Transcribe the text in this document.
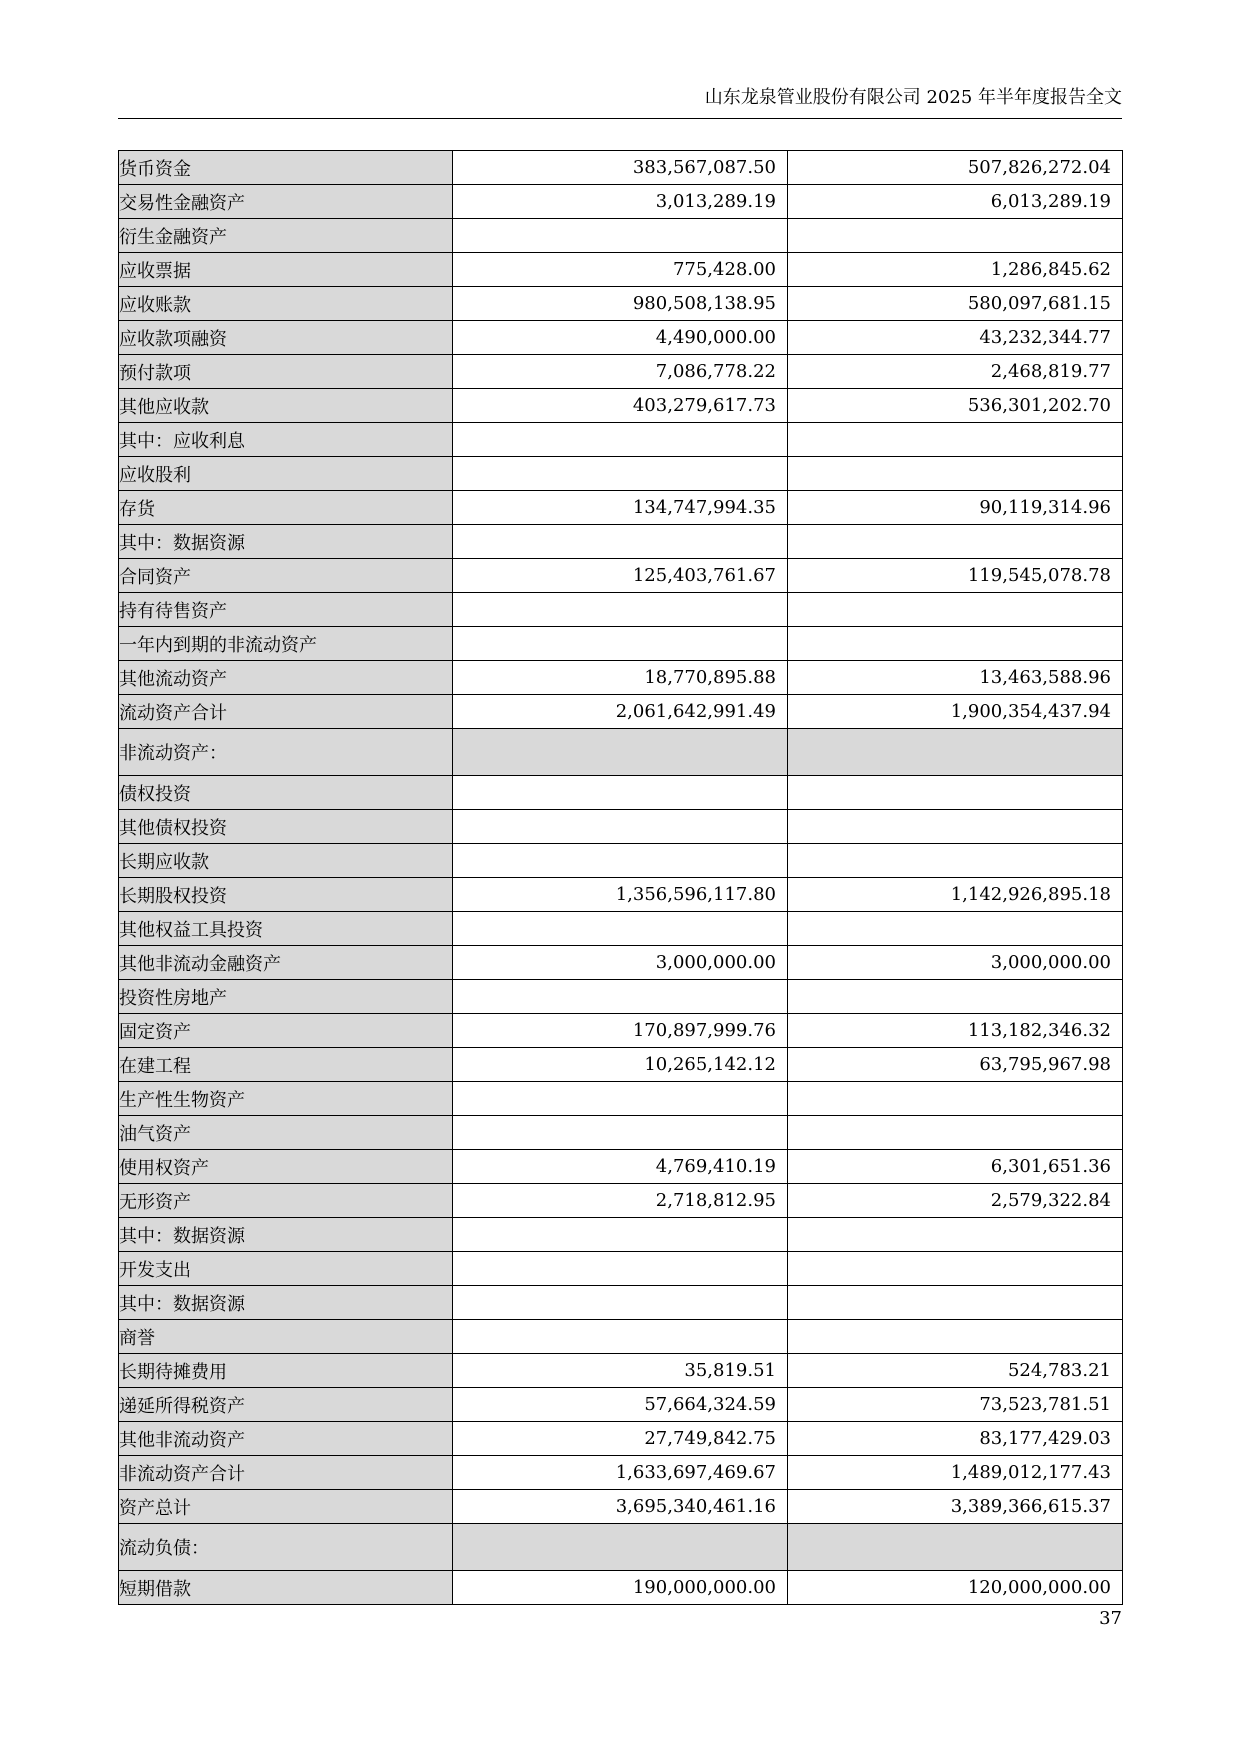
山东龙泉管业股份有限公司 2025 年半年度报告全文
货币资金	383,567,087.50	507,826,272.04
交易性金融资产	3,013,289.19	6,013,289.19
衍生金融资产		
应收票据	775,428.00	1,286,845.62
应收账款	980,508,138.95	580,097,681.15
应收款项融资	4,490,000.00	43,232,344.77
预付款项	7,086,778.22	2,468,819.77
其他应收款	403,279,617.73	536,301,202.70
其中：应收利息		
应收股利		
存货	134,747,994.35	90,119,314.96
其中：数据资源		
合同资产	125,403,761.67	119,545,078.78
持有待售资产		
一年内到期的非流动资产		
其他流动资产	18,770,895.88	13,463,588.96
流动资产合计	2,061,642,991.49	1,900,354,437.94
非流动资产：		
债权投资		
其他债权投资		
长期应收款		
长期股权投资	1,356,596,117.80	1,142,926,895.18
其他权益工具投资		
其他非流动金融资产	3,000,000.00	3,000,000.00
投资性房地产		
固定资产	170,897,999.76	113,182,346.32
在建工程	10,265,142.12	63,795,967.98
生产性生物资产		
油气资产		
使用权资产	4,769,410.19	6,301,651.36
无形资产	2,718,812.95	2,579,322.84
其中：数据资源		
开发支出		
其中：数据资源		
商誉		
长期待摊费用	35,819.51	524,783.21
递延所得税资产	57,664,324.59	73,523,781.51
其他非流动资产	27,749,842.75	83,177,429.03
非流动资产合计	1,633,697,469.67	1,489,012,177.43
资产总计	3,695,340,461.16	3,389,366,615.37
流动负债：		
短期借款	190,000,000.00	120,000,000.00
37
